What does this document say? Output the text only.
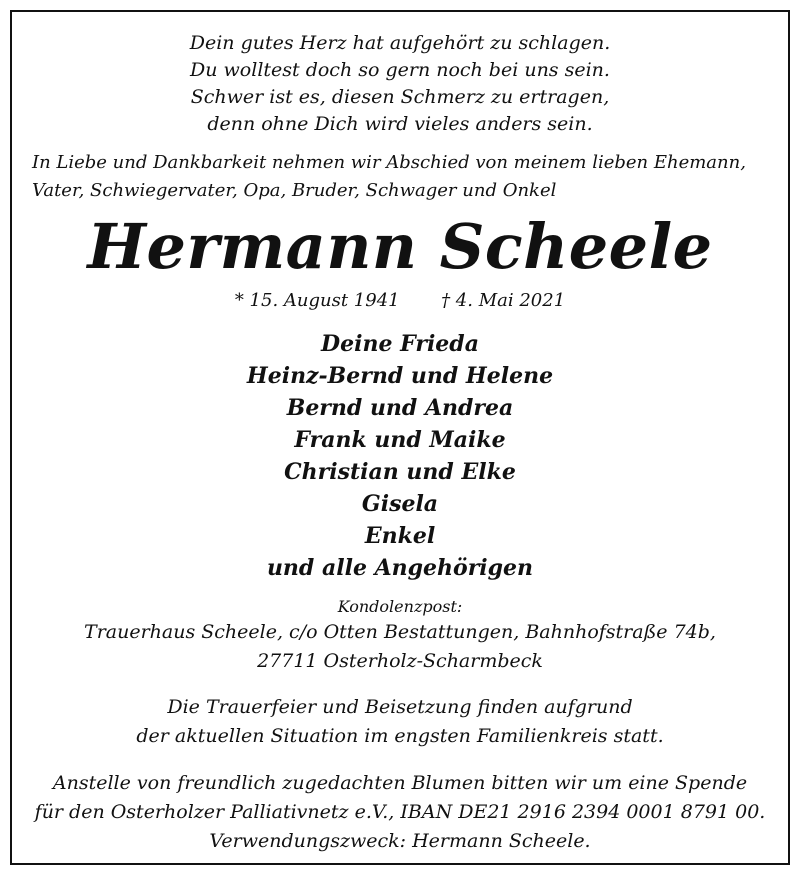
Dein gutes Herz hat aufgehört zu schlagen.
Du wolltest doch so gern noch bei uns sein.
Schwer ist es, diesen Schmerz zu ertragen,
denn ohne Dich wird vieles anders sein.
In Liebe und Dankbarkeit nehmen wir Abschied von meinem lieben Ehemann,
Vater, Schwiegervater, Opa, Bruder, Schwager und Onkel
Hermann Scheele
* 15. August 1941 † 4. Mai 2021
Deine Frieda
Heinz-Bernd und Helene
Bernd und Andrea
Frank und Maike
Christian und Elke
Gisela
Enkel
und alle Angehörigen
Kondolenzpost:
Trauerhaus Scheele, c/o Otten Bestattungen, Bahnhofstraße 74b,
27711 Osterholz-Scharmbeck
Die Trauerfeier und Beisetzung finden aufgrund
der aktuellen Situation im engsten Familienkreis statt.
Anstelle von freundlich zugedachten Blumen bitten wir um eine Spende
für den Osterholzer Palliativnetz e.V., IBAN DE21 2916 2394 0001 8791 00.
Verwendungszweck: Hermann Scheele.
